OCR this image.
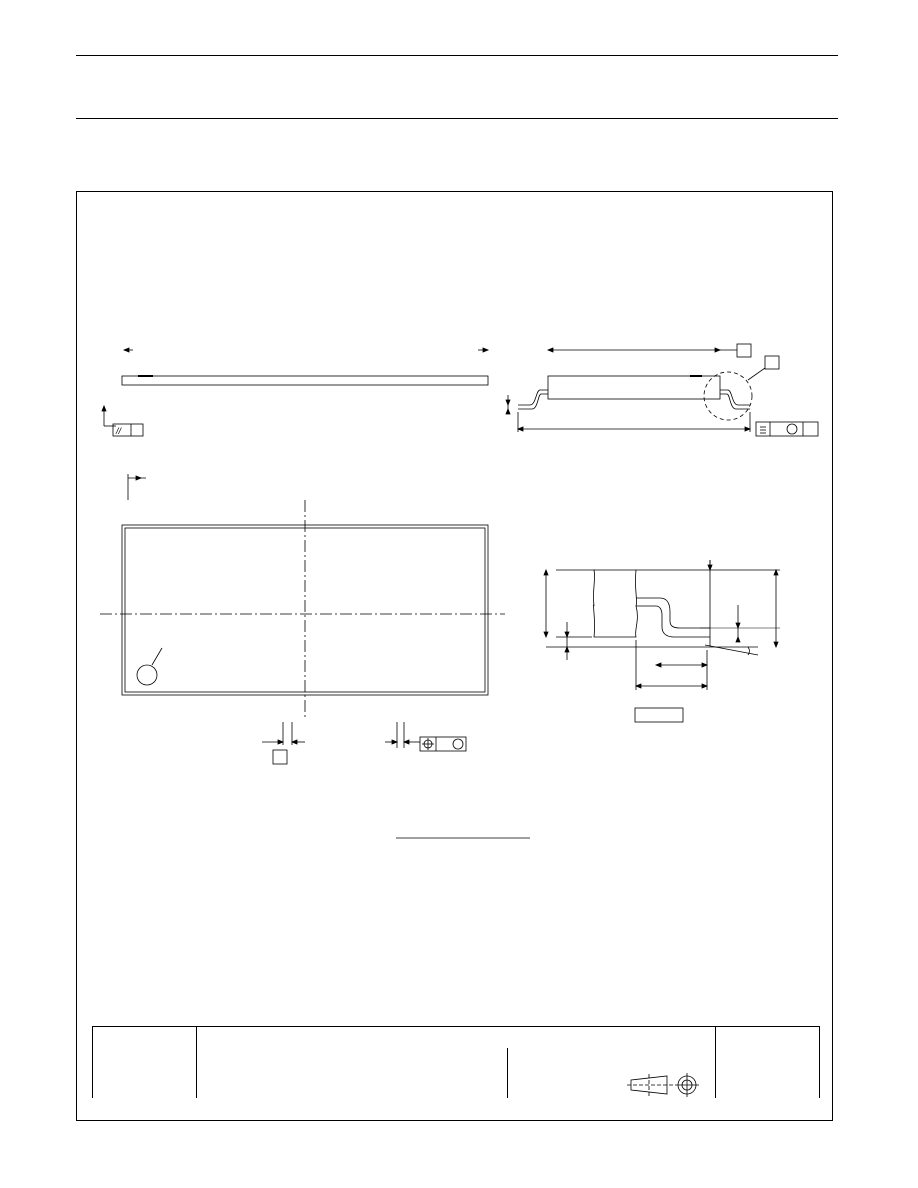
//
